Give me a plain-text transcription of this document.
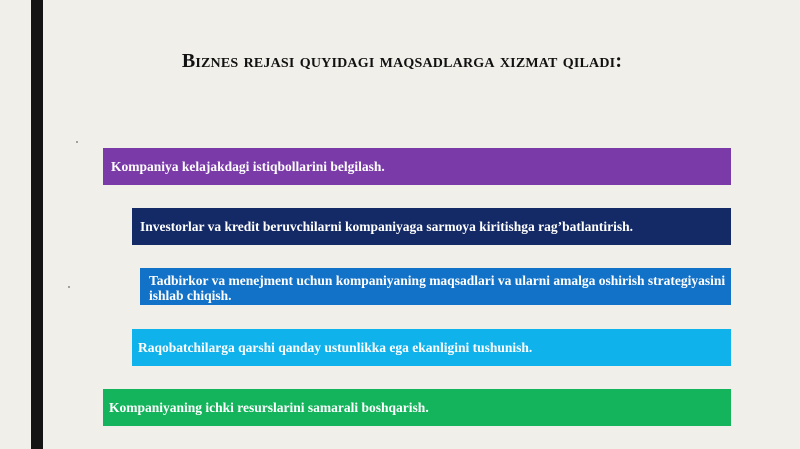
Biznes rejasi quyidagi maqsadlarga xizmat qiladi:
Kompaniya kelajakdagi istiqbollarini belgilash.
Investorlar va kredit beruvchilarni kompaniyaga sarmoya kiritishga rag’batlantirish.
Tadbirkor va menejment uchun kompaniyaning maqsadlari va ularni amalga oshirish strategiyasini ishlab chiqish.
Raqobatchilarga qarshi qanday ustunlikka ega ekanligini tushunish.
Kompaniyaning ichki resurslarini samarali boshqarish.
